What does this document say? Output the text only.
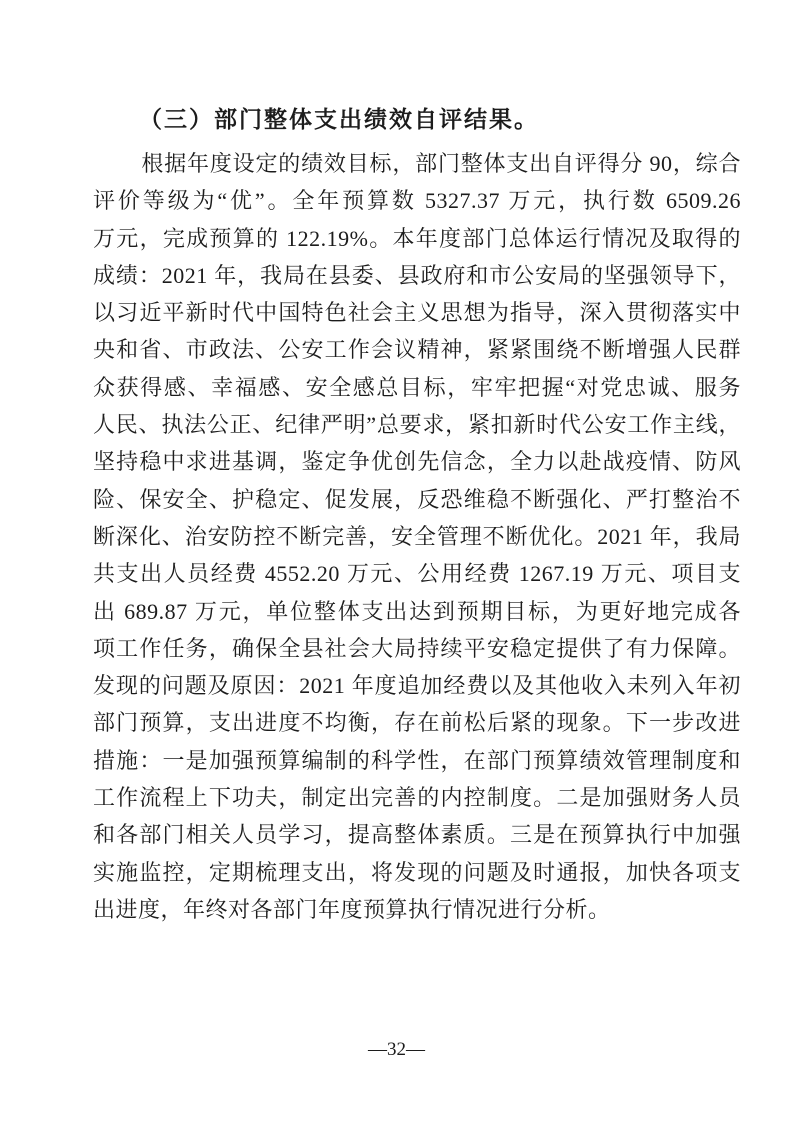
（三）部门整体支出绩效自评结果。
根据年度设定的绩效目标，部门整体支出自评得分 90，综合
评价等级为“优”。全年预算数 5327.37 万元，执行数 6509.26
万元，完成预算的 122.19%。本年度部门总体运行情况及取得的
成绩：2021 年，我局在县委、县政府和市公安局的坚强领导下，
以习近平新时代中国特色社会主义思想为指导，深入贯彻落实中
央和省、市政法、公安工作会议精神，紧紧围绕不断增强人民群
众获得感、幸福感、安全感总目标，牢牢把握“对党忠诚、服务
人民、执法公正、纪律严明”总要求，紧扣新时代公安工作主线，
坚持稳中求进基调，鉴定争优创先信念，全力以赴战疫情、防风
险、保安全、护稳定、促发展，反恐维稳不断强化、严打整治不
断深化、治安防控不断完善，安全管理不断优化。2021 年，我局
共支出人员经费 4552.20 万元、公用经费 1267.19 万元、项目支
出 689.87 万元，单位整体支出达到预期目标，为更好地完成各
项工作任务，确保全县社会大局持续平安稳定提供了有力保障。
发现的问题及原因：2021 年度追加经费以及其他收入未列入年初
部门预算，支出进度不均衡，存在前松后紧的现象。下一步改进
措施：一是加强预算编制的科学性，在部门预算绩效管理制度和
工作流程上下功夫，制定出完善的内控制度。二是加强财务人员
和各部门相关人员学习，提高整体素质。三是在预算执行中加强
实施监控，定期梳理支出，将发现的问题及时通报，加快各项支
出进度，年终对各部门年度预算执行情况进行分析。
—32—
